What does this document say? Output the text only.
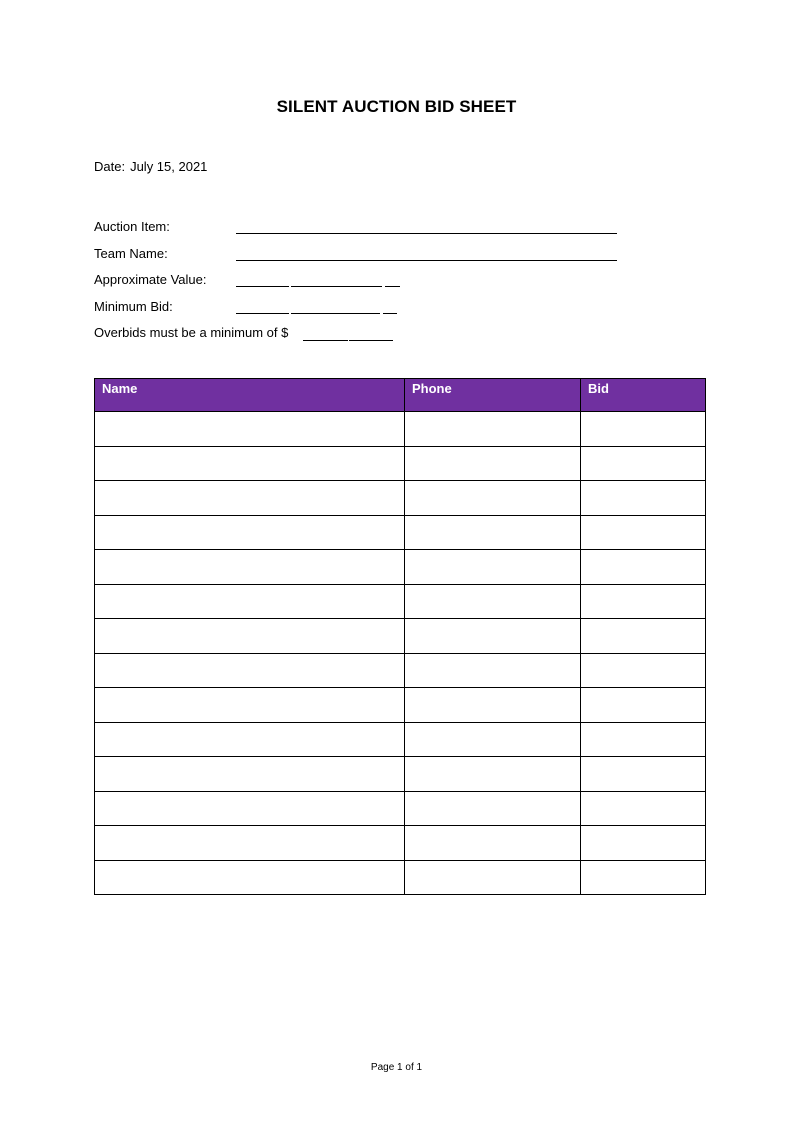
SILENT AUCTION BID SHEET
Date: July 15, 2021
Auction Item:
Team Name:
Approximate Value:
Minimum Bid:
Overbids must be a minimum of $
Name	Phone	Bid

Page 1 of 1
